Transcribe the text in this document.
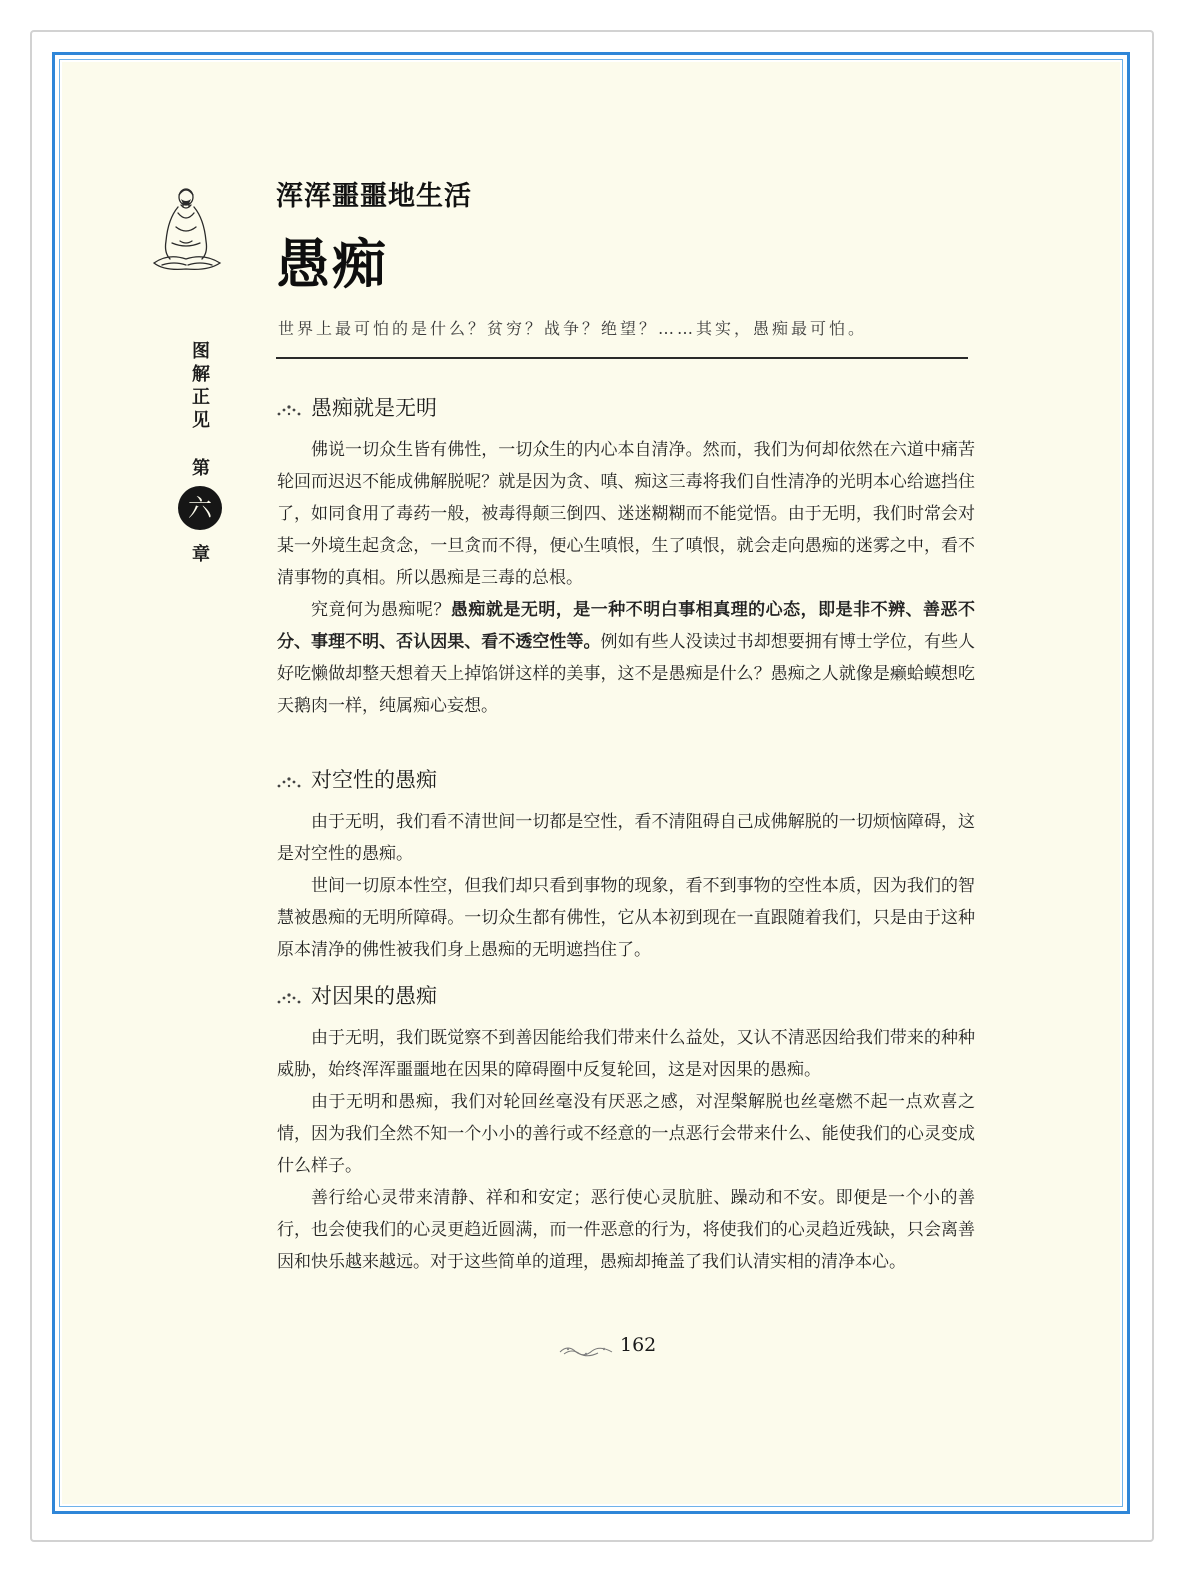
图
解
正
见
第
六
章
浑浑噩噩地生活
愚痴
世界上最可怕的是什么？贫穷？战争？绝望？……其实，愚痴最可怕。
愚痴就是无明

佛说一切众生皆有佛性，一切众生的内心本自清净。然而，我们为何却依然在六道中痛苦轮回而迟迟不能成佛解脱呢？就是因为贪、嗔、痴这三毒将我们自性清净的光明本心给遮挡住了，如同食用了毒药一般，被毒得颠三倒四、迷迷糊糊而不能觉悟。由于无明，我们时常会对某一外境生起贪念，一旦贪而不得，便心生嗔恨，生了嗔恨，就会走向愚痴的迷雾之中，看不清事物的真相。所以愚痴是三毒的总根。

究竟何为愚痴呢？愚痴就是无明，是一种不明白事相真理的心态，即是非不辨、善恶不分、事理不明、否认因果、看不透空性等。例如有些人没读过书却想要拥有博士学位，有些人好吃懒做却整天想着天上掉馅饼这样的美事，这不是愚痴是什么？愚痴之人就像是癞蛤蟆想吃天鹅肉一样，纯属痴心妄想。

对空性的愚痴

由于无明，我们看不清世间一切都是空性，看不清阻碍自己成佛解脱的一切烦恼障碍，这是对空性的愚痴。

世间一切原本性空，但我们却只看到事物的现象，看不到事物的空性本质，因为我们的智慧被愚痴的无明所障碍。一切众生都有佛性，它从本初到现在一直跟随着我们，只是由于这种原本清净的佛性被我们身上愚痴的无明遮挡住了。

对因果的愚痴

由于无明，我们既觉察不到善因能给我们带来什么益处，又认不清恶因给我们带来的种种威胁，始终浑浑噩噩地在因果的障碍圈中反复轮回，这是对因果的愚痴。

由于无明和愚痴，我们对轮回丝毫没有厌恶之感，对涅槃解脱也丝毫燃不起一点欢喜之情，因为我们全然不知一个小小的善行或不经意的一点恶行会带来什么、能使我们的心灵变成什么样子。

善行给心灵带来清静、祥和和安定；恶行使心灵肮脏、躁动和不安。即便是一个小的善行，也会使我们的心灵更趋近圆满，而一件恶意的行为，将使我们的心灵趋近残缺，只会离善因和快乐越来越远。对于这些简单的道理，愚痴却掩盖了我们认清实相的清净本心。

162
